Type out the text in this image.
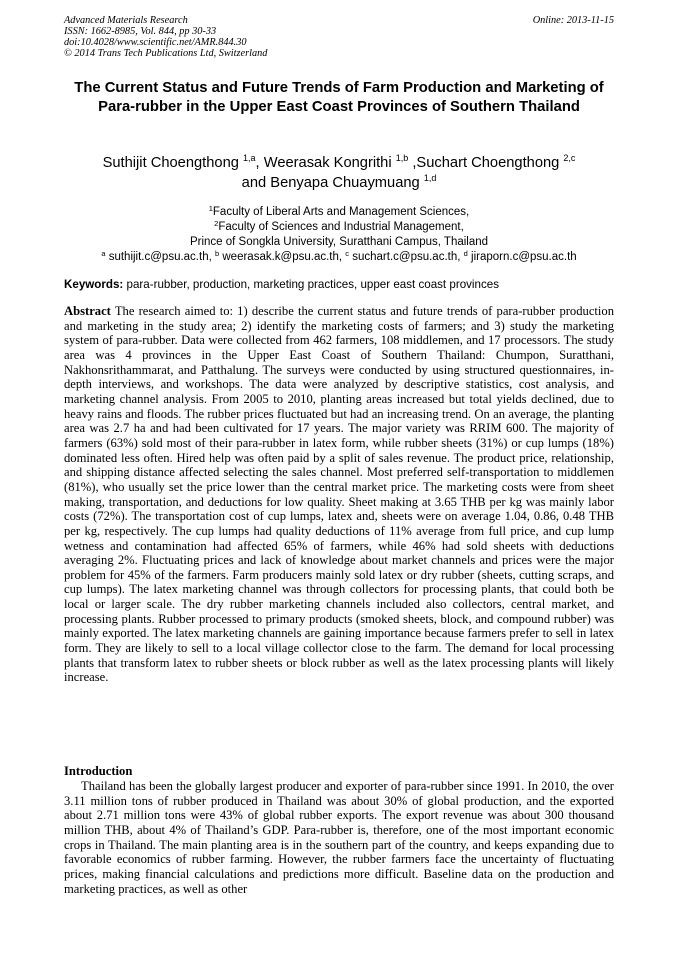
Advanced Materials Research
ISSN: 1662-8985, Vol. 844, pp 30-33
doi:10.4028/www.scientific.net/AMR.844.30
© 2014 Trans Tech Publications Ltd, Switzerland
Online: 2013-11-15
The Current Status and Future Trends of Farm Production and Marketing of Para-rubber in the Upper East Coast Provinces of Southern Thailand
Suthijit Choengthong $^{1,a}$, Weerasak Kongrithi $^{1,b}$ ,Suchart Choengthong $^{2,c}$
and Benyapa Chuaymuang $^{1,d}$
$^1$Faculty of Liberal Arts and Management Sciences,
$^2$Faculty of Sciences and Industrial Management,
Prince of Songkla University, Suratthani Campus, Thailand
$^a$ suthijit.c@psu.ac.th, $^b$ weerasak.k@psu.ac.th, $^c$ suchart.c@psu.ac.th, $^d$ jiraporn.c@psu.ac.th
Keywords: para-rubber, production, marketing practices, upper east coast provinces
Abstract The research aimed to: 1) describe the current status and future trends of para-rubber production and marketing in the study area; 2) identify the marketing costs of farmers; and 3) study the marketing system of para-rubber. Data were collected from 462 farmers, 108 middlemen, and 17 processors. The study area was 4 provinces in the Upper East Coast of Southern Thailand: Chumpon, Suratthani, Nakhonsrithammarat, and Patthalung. The surveys were conducted by using structured questionnaires, in-depth interviews, and workshops. The data were analyzed by descriptive statistics, cost analysis, and marketing channel analysis. From 2005 to 2010, planting areas increased but total yields declined, due to heavy rains and floods. The rubber prices fluctuated but had an increasing trend. On an average, the planting area was 2.7 ha and had been cultivated for 17 years. The major variety was RRIM 600. The majority of farmers (63%) sold most of their para-rubber in latex form, while rubber sheets (31%) or cup lumps (18%) dominated less often. Hired help was often paid by a split of sales revenue. The product price, relationship, and shipping distance affected selecting the sales channel. Most preferred self-transportation to middlemen (81%), who usually set the price lower than the central market price. The marketing costs were from sheet making, transportation, and deductions for low quality. Sheet making at 3.65 THB per kg was mainly labor costs (72%). The transportation cost of cup lumps, latex and, sheets were on average 1.04, 0.86, 0.48 THB per kg, respectively. The cup lumps had quality deductions of 11% average from full price, and cup lump wetness and contamination had affected 65% of farmers, while 46% had sold sheets with deductions averaging 2%. Fluctuating prices and lack of knowledge about market channels and prices were the major problem for 45% of the farmers. Farm producers mainly sold latex or dry rubber (sheets, cutting scraps, and cup lumps). The latex marketing channel was through collectors for processing plants, that could both be local or larger scale. The dry rubber marketing channels included also collectors, central market, and processing plants. Rubber processed to primary products (smoked sheets, block, and compound rubber) was mainly exported. The latex marketing channels are gaining importance because farmers prefer to sell in latex form. They are likely to sell to a local village collector close to the farm. The demand for local processing plants that transform latex to rubber sheets or block rubber as well as the latex processing plants will likely increase.
Introduction
Thailand has been the globally largest producer and exporter of para-rubber since 1991. In 2010, the over 3.11 million tons of rubber produced in Thailand was about 30% of global production, and the exported about 2.71 million tons were 43% of global rubber exports. The export revenue was about 300 thousand million THB, about 4% of Thailand’s GDP. Para-rubber is, therefore, one of the most important economic crops in Thailand. The main planting area is in the southern part of the country, and keeps expanding due to favorable economics of rubber farming. However, the rubber farmers face the uncertainty of fluctuating prices, making financial calculations and predictions more difficult. Baseline data on the production and marketing practices, as well as other
